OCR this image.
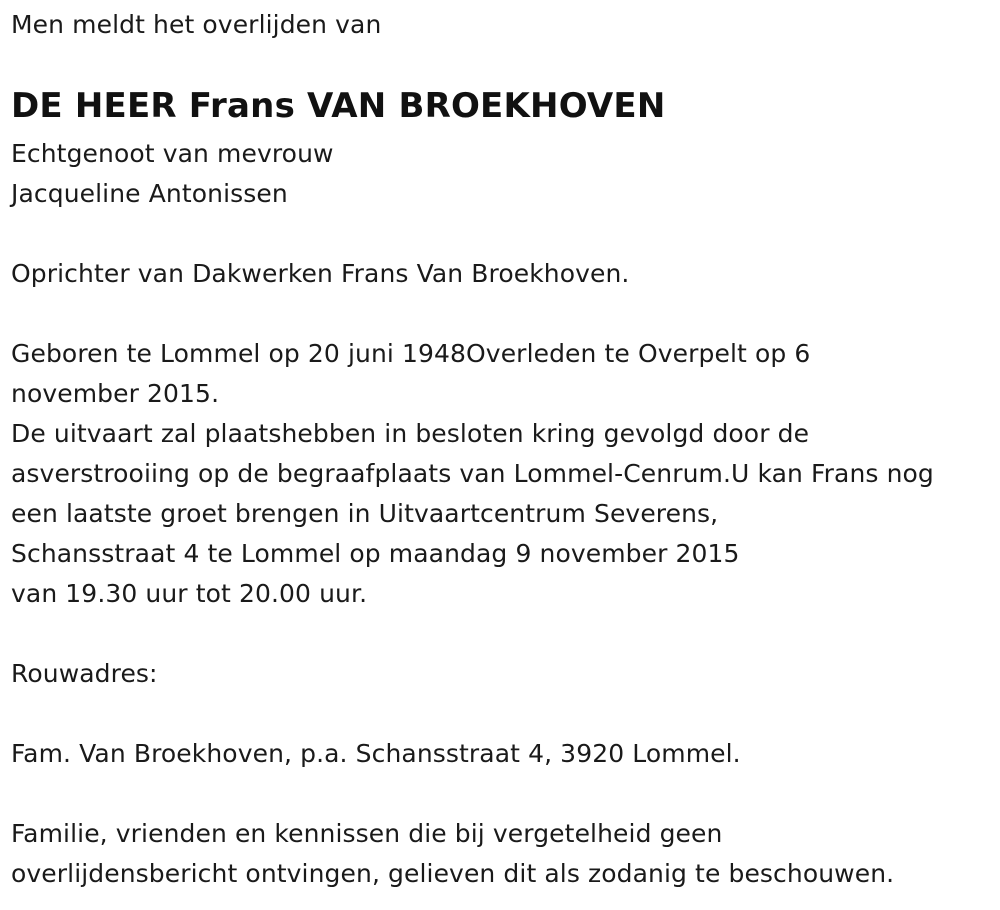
Men meldt het overlijden van
DE HEER Frans VAN BROEKHOVEN
Echtgenoot van mevrouw
Jacqueline Antonissen
Oprichter van Dakwerken Frans Van Broekhoven.
Geboren te Lommel op 20 juni 1948Overleden te Overpelt op 6
november 2015.
De uitvaart zal plaatshebben in besloten kring gevolgd door de
asverstrooiing op de begraafplaats van Lommel-Cenrum.U kan Frans nog
een laatste groet brengen in Uitvaartcentrum Severens,
Schansstraat 4 te Lommel op maandag 9 november 2015
van 19.30 uur tot 20.00 uur.
Rouwadres:
Fam. Van Broekhoven, p.a. Schansstraat 4, 3920 Lommel.
Familie, vrienden en kennissen die bij vergetelheid geen
overlijdensbericht ontvingen, gelieven dit als zodanig te beschouwen.
